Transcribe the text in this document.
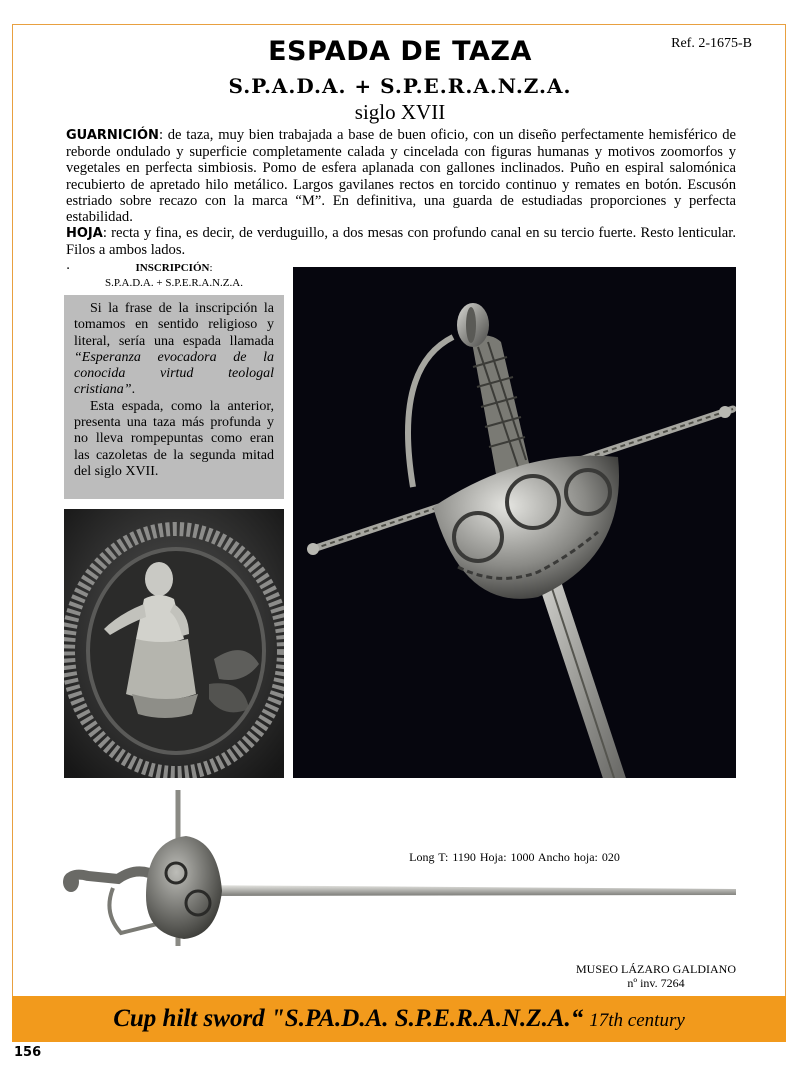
Ref. 2-1675-B
ESPADA DE TAZA
S.P.A.D.A. + S.P.E.R.A.N.Z.A.
siglo XVII

GUARNICIÓN: de taza, muy bien trabajada a base de buen oficio, con un diseño perfectamente hemisférico de reborde ondulado y superficie completamente calada y cincelada con figuras humanas y motivos zoomorfos y vegetales en perfecta simbiosis. Pomo de esfera aplanada con gallones inclinados. Puño en espiral salomónica recubierto de apretado hilo metálico. Largos gavilanes rectos en torcido continuo y remates en botón. Escusón estriado sobre recazo con la marca “M”. En definitiva, una guarda de estudiadas proporciones y perfecta estabilidad.

HOJA: recta y fina, es decir, de verduguillo, a dos mesas con profundo canal en su tercio fuerte. Resto lenticular. Filos a ambos lados.

.	INSCRIPCIÓN:
S.P.A.D.A. + S.P.E.R.A.N.Z.A.

Si la frase de la inscripción la tomamos en sentido religioso y literal, sería una espada llamada “Esperanza evocadora de la conocida virtud teologal cristiana”.

Esta espada, como la anterior, presenta una taza más profunda y no lleva rompepuntas como eran las cazoletas de la segunda mitad del siglo XVII.

Long T: 1190 Hoja: 1000 Ancho hoja: 020
MUSEO LÁZARO GALDIANO
nº inv. 7264
Cup hilt sword "S.PA.D.A. S.P.E.R.A.N.Z.A.“ 17th century
156
